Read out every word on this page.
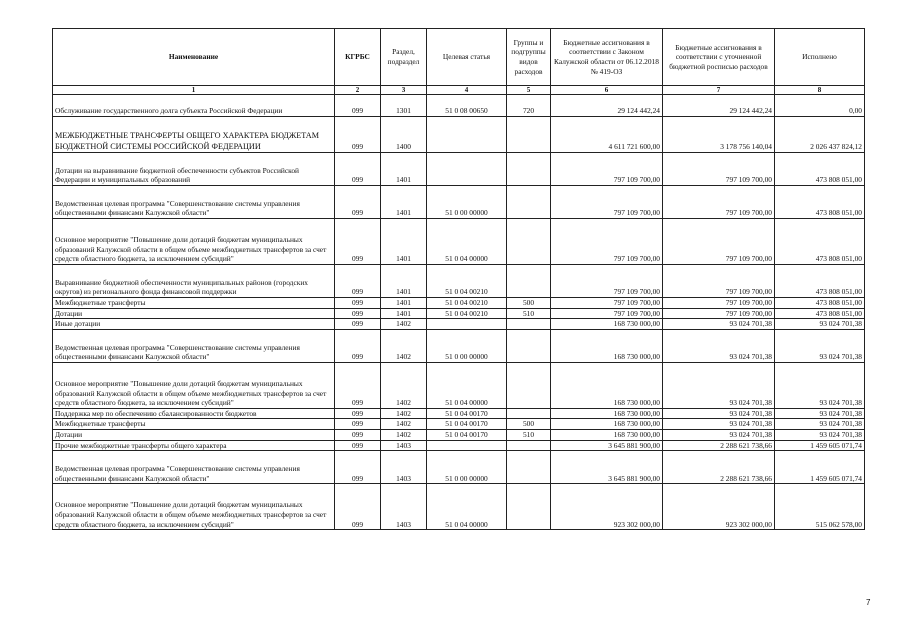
Наименование	КГРБС	Раздел, подраздел	Целевая статья	Группы и подгруппы видов расходов	Бюджетные ассигнования в соответствии с Законом Калужской области от 06.12.2018 № 419-ОЗ	Бюджетные ассигнования в соответствии с уточненной бюджетной росписью расходов	Исполнено
1	2	3	4	5	6	7	8
Обслуживание государственного долга субъекта Российской Федерации	099	1301	51 0 08 00650	720	29 124 442,24	29 124 442,24	0,00
МЕЖБЮДЖЕТНЫЕ ТРАНСФЕРТЫ ОБЩЕГО ХАРАКТЕРА БЮДЖЕТАМ БЮДЖЕТНОЙ СИСТЕМЫ РОССИЙСКОЙ ФЕДЕРАЦИИ	099	1400			4 611 721 600,00	3 178 756 140,04	2 026 437 824,12
Дотации на выравнивание бюджетной обеспеченности субъектов Российской Федерации и муниципальных образований	099	1401			797 109 700,00	797 109 700,00	473 808 051,00
Ведомственная целевая программа "Совершенствование системы управления общественными финансами Калужской области"	099	1401	51 0 00 00000		797 109 700,00	797 109 700,00	473 808 051,00
Основное мероприятие "Повышение доли дотаций бюджетам муниципальных образований Калужской области в общем объеме межбюджетных трансфертов за счет средств областного бюджета, за исключением субсидий"	099	1401	51 0 04 00000		797 109 700,00	797 109 700,00	473 808 051,00
Выравнивание бюджетной обеспеченности муниципальных районов (городских округов) из регионального фонда финансовой поддержки	099	1401	51 0 04 00210		797 109 700,00	797 109 700,00	473 808 051,00
Межбюджетные трансферты	099	1401	51 0 04 00210	500	797 109 700,00	797 109 700,00	473 808 051,00
Дотации	099	1401	51 0 04 00210	510	797 109 700,00	797 109 700,00	473 808 051,00
Иные дотации	099	1402			168 730 000,00	93 024 701,38	93 024 701,38
Ведомственная целевая программа "Совершенствование системы управления общественными финансами Калужской области"	099	1402	51 0 00 00000		168 730 000,00	93 024 701,38	93 024 701,38
Основное мероприятие "Повышение доли дотаций бюджетам муниципальных образований Калужской области в общем объеме межбюджетных трансфертов за счет средств областного бюджета, за исключением субсидий"	099	1402	51 0 04 00000		168 730 000,00	93 024 701,38	93 024 701,38
Поддержка мер по обеспечению сбалансированности бюджетов	099	1402	51 0 04 00170		168 730 000,00	93 024 701,38	93 024 701,38
Межбюджетные трансферты	099	1402	51 0 04 00170	500	168 730 000,00	93 024 701,38	93 024 701,38
Дотации	099	1402	51 0 04 00170	510	168 730 000,00	93 024 701,38	93 024 701,38
Прочие межбюджетные трансферты общего характера	099	1403			3 645 881 900,00	2 288 621 738,66	1 459 605 071,74
Ведомственная целевая программа "Совершенствование системы управления общественными финансами Калужской области"	099	1403	51 0 00 00000		3 645 881 900,00	2 288 621 738,66	1 459 605 071,74
Основное мероприятие "Повышение доли дотаций бюджетам муниципальных образований Калужской области в общем объеме межбюджетных трансфертов за счет средств областного бюджета, за исключением субсидий"	099	1403	51 0 04 00000		923 302 000,00	923 302 000,00	515 062 578,00
7
